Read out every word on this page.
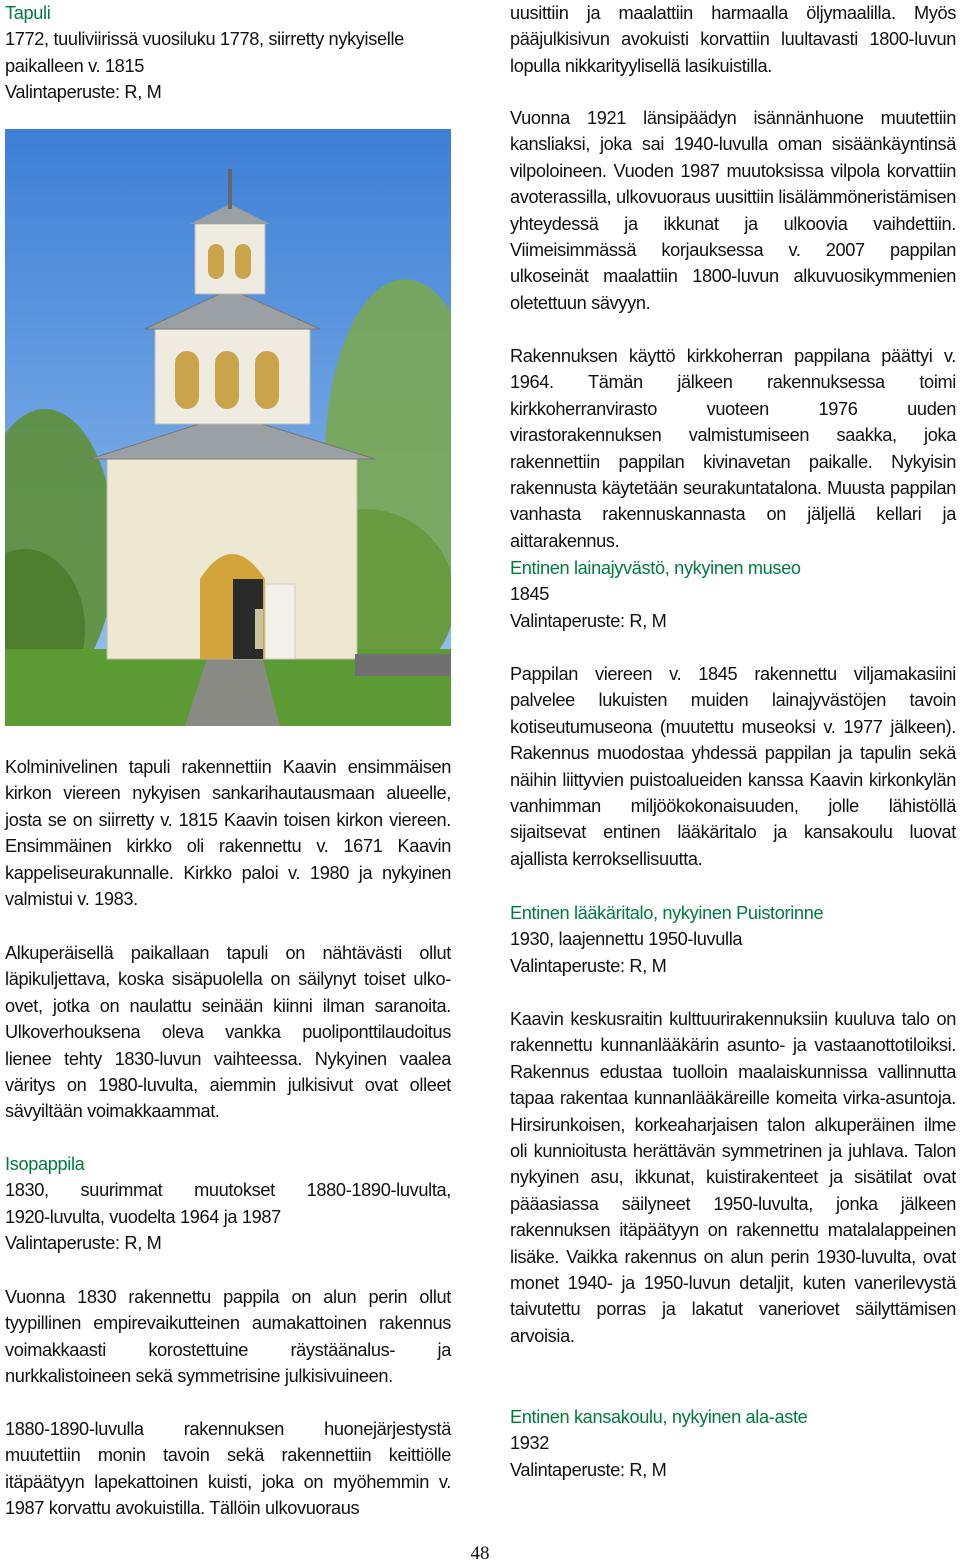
Tapuli

1772, tuuliviirissä vuosiluku 1778, siirretty nykyiselle

paikalleen v. 1815

Valintaperuste: R, M

Kolminivelinen tapuli rakennettiin Kaavin ensimmäisen kirkon viereen nykyisen sankarihautausmaan alueelle, josta se on siirretty v. 1815 Kaavin toisen kirkon viereen. Ensimmäinen kirkko oli rakennettu v. 1671 Kaavin kappeliseurakunnalle. Kirkko paloi v. 1980 ja nykyinen valmistui v. 1983.

Alkuperäisellä paikallaan tapuli on nähtävästi ollut läpikuljettava, koska sisäpuolella on säilynyt toiset ulko-ovet, jotka on naulattu seinään kiinni ilman saranoita. Ulkoverhouksena oleva vankka puoliponttilaudoitus lienee tehty 1830-luvun vaihteessa. Nykyinen vaalea väritys on 1980-luvulta, aiemmin julkisivut ovat olleet sävyiltään voimakkaammat.

Isopappila

1830, suurimmat muutokset 1880-1890-luvulta,

1920-luvulta, vuodelta 1964 ja 1987

Valintaperuste: R, M

Vuonna 1830 rakennettu pappila on alun perin ollut tyypillinen empirevaikutteinen aumakattoinen rakennus voimakkaasti korostettuine räystäänalus- ja nurkkalistoineen sekä symmetrisine julkisivuineen.

1880-1890-luvulla rakennuksen huonejärjestystä muutettiin monin tavoin sekä rakennettiin keittiölle itäpäätyyn lapekattoinen kuisti, joka on myöhemmin v. 1987 korvattu avokuistilla. Tällöin ulkovuoraus

uusittiin ja maalattiin harmaalla öljymaalilla. Myös pääjulkisivun avokuisti korvattiin luultavasti 1800-luvun lopulla nikkarityylisellä lasikuistilla.

Vuonna 1921 länsipäädyn isännänhuone muutettiin kansliaksi, joka sai 1940-luvulla oman sisäänkäyntinsä vilpoloineen. Vuoden 1987 muutoksissa vilpola korvattiin avoterassilla, ulkovuoraus uusittiin lisälämmöneristämisen yhteydessä ja ikkunat ja ulkoovia vaihdettiin. Viimeisimmässä korjauksessa v. 2007 pappilan ulkoseinät maalattiin 1800-luvun alkuvuosikymmenien oletettuun sävyyn.

Rakennuksen käyttö kirkkoherran pappilana päättyi v. 1964. Tämän jälkeen rakennuksessa toimi kirkkoherranvirasto vuoteen 1976 uuden virastorakennuksen valmistumiseen saakka, joka rakennettiin pappilan kivinavetan paikalle. Nykyisin rakennusta käytetään seurakuntatalona. Muusta pappilan vanhasta rakennuskannasta on jäljellä kellari ja aittarakennus.

Entinen lainajyvästö, nykyinen museo

1845

Valintaperuste: R, M

Pappilan viereen v. 1845 rakennettu viljamakasiini palvelee lukuisten muiden lainajyvästöjen tavoin kotiseutumuseona (muutettu museoksi v. 1977 jälkeen). Rakennus muodostaa yhdessä pappilan ja tapulin sekä näihin liittyvien puistoalueiden kanssa Kaavin kirkonkylän vanhimman miljöökokonaisuuden, jolle lähistöllä sijaitsevat entinen lääkäritalo ja kansakoulu luovat ajallista kerroksellisuutta.

Entinen lääkäritalo, nykyinen Puistorinne

1930, laajennettu 1950-luvulla

Valintaperuste: R, M

Kaavin keskusraitin kulttuurirakennuksiin kuuluva talo on rakennettu kunnanlääkärin asunto- ja vastaanottotiloiksi. Rakennus edustaa tuolloin maalaiskunnissa vallinnutta tapaa rakentaa kunnanlääkäreille komeita virka-asuntoja. Hirsirunkoisen, korkeaharjaisen talon alkuperäinen ilme oli kunnioitusta herättävän symmetrinen ja juhlava. Talon nykyinen asu, ikkunat, kuistirakenteet ja sisätilat ovat pääasiassa säilyneet 1950-luvulta, jonka jälkeen rakennuksen itäpäätyyn on rakennettu matalalappeinen lisäke. Vaikka rakennus on alun perin 1930-luvulta, ovat monet 1940- ja 1950-luvun detaljit, kuten vanerilevystä taivutettu porras ja lakatut vaneriovet säilyttämisen arvoisia.

Entinen kansakoulu, nykyinen ala-aste

1932

Valintaperuste: R, M

48
